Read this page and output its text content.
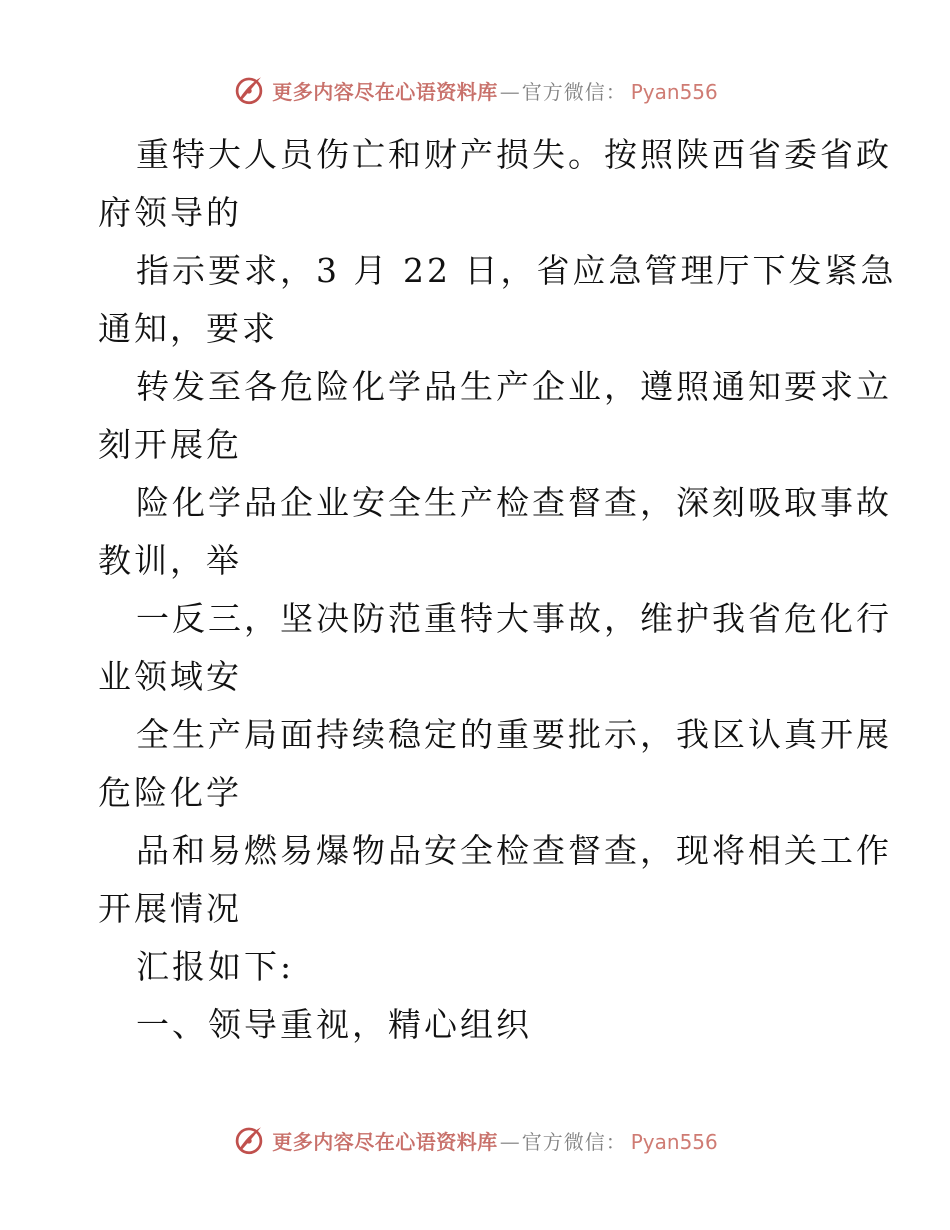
更多内容尽在心语资料库 — 官方微信： Pyan556
重特大人员伤亡和财产损失。按照陕西省委省政
府领导的
指示要求，3 月 22 日，省应急管理厅下发紧急
通知，要求
转发至各危险化学品生产企业，遵照通知要求立
刻开展危
险化学品企业安全生产检查督查，深刻吸取事故
教训，举
一反三，坚决防范重特大事故，维护我省危化行
业领域安
全生产局面持续稳定的重要批示，我区认真开展
危险化学
品和易燃易爆物品安全检查督查，现将相关工作
开展情况
汇报如下:
一、领导重视，精心组织
更多内容尽在心语资料库 — 官方微信： Pyan556
